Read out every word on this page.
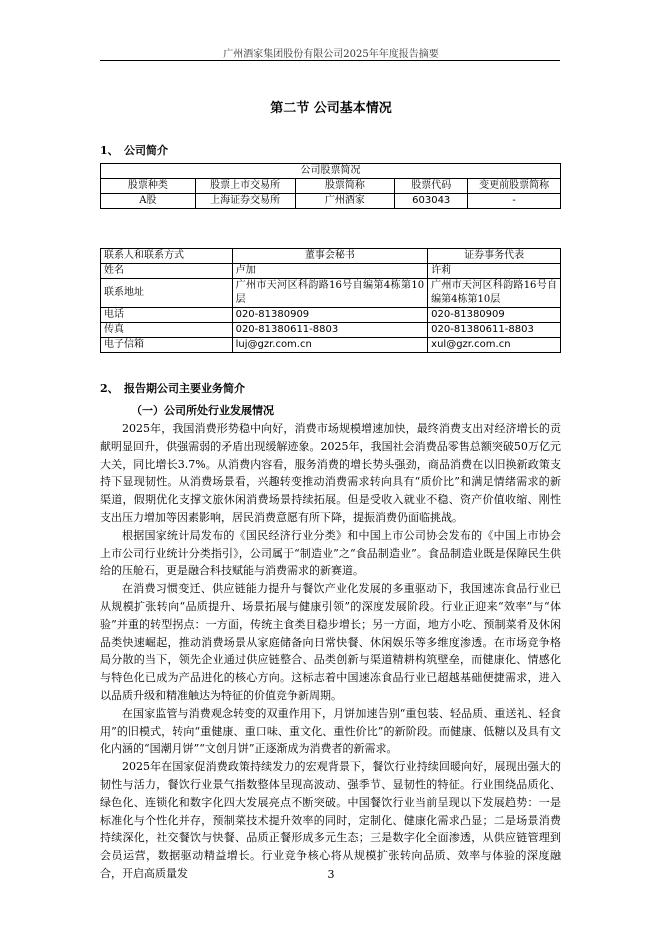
广州酒家集团股份有限公司2025年年度报告摘要
第二节 公司基本情况
1、 公司简介
公司股票简况				
股票种类	股票上市交易所	股票简称	股票代码	变更前股票简称
A股	上海证券交易所	广州酒家	603043	-
联系人和联系方式	董事会秘书	证券事务代表
姓名	卢加	许莉
联系地址	广州市天河区科韵路16号自编第4栋第10层	广州市天河区科韵路16号自编第4栋第10层
电话	020-81380909	020-81380909
传真	020-81380611-8803	020-81380611-8803
电子信箱	luj@gzr.com.cn	xul@gzr.com.cn
2、 报告期公司主要业务简介
（一）公司所处行业发展情况

2025年，我国消费形势稳中向好，消费市场规模增速加快，最终消费支出对经济增长的贡献明显回升，供强需弱的矛盾出现缓解迹象。2025年，我国社会消费品零售总额突破50万亿元大关，同比增长3.7%。从消费内容看，服务消费的增长势头强劲，商品消费在以旧换新政策支持下显现韧性。从消费场景看，兴趣转变推动消费需求转向具有“质价比”和满足情绪需求的新渠道，假期优化支撑文旅休闲消费场景持续拓展。但是受收入就业不稳、资产价值收缩、刚性支出压力增加等因素影响，居民消费意愿有所下降，提振消费仍面临挑战。

根据国家统计局发布的《国民经济行业分类》和中国上市公司协会发布的《中国上市协会上市公司行业统计分类指引》，公司属于“制造业”之“食品制造业”。食品制造业既是保障民生供给的压舱石，更是融合科技赋能与消费需求的新赛道。

在消费习惯变迁、供应链能力提升与餐饮产业化发展的多重驱动下，我国速冻食品行业已从规模扩张转向“品质提升、场景拓展与健康引领”的深度发展阶段。行业正迎来“效率”与“体验”并重的转型拐点：一方面，传统主食类目稳步增长；另一方面，地方小吃、预制菜肴及休闲品类快速崛起，推动消费场景从家庭储备向日常快餐、休闲娱乐等多维度渗透。在市场竞争格局分散的当下，领先企业通过供应链整合、品类创新与渠道精耕构筑壁垒，而健康化、情感化与特色化已成为产品进化的核心方向。这标志着中国速冻食品行业已超越基础便捷需求，进入以品质升级和精准触达为特征的价值竞争新周期。

在国家监管与消费观念转变的双重作用下，月饼加速告别“重包装、轻品质、重送礼、轻食用”的旧模式，转向“重健康、重口味、重文化、重性价比”的新阶段。而健康、低糖以及具有文化内涵的“国潮月饼”“文创月饼”正逐渐成为消费者的新需求。

2025年在国家促消费政策持续发力的宏观背景下，餐饮行业持续回暖向好，展现出强大的韧性与活力，餐饮行业景气指数整体呈现高波动、强季节、显韧性的特征。行业围绕品质化、绿色化、连锁化和数字化四大发展亮点不断突破。中国餐饮行业当前呈现以下发展趋势：一是标准化与个性化并存，预制菜技术提升效率的同时，定制化、健康化需求凸显；二是场景消费持续深化，社交餐饮与快餐、品质正餐形成多元生态；三是数字化全面渗透，从供应链管理到会员运营，数据驱动精益增长。行业竞争核心将从规模扩张转向品质、效率与体验的深度融合，开启高质量发	3
